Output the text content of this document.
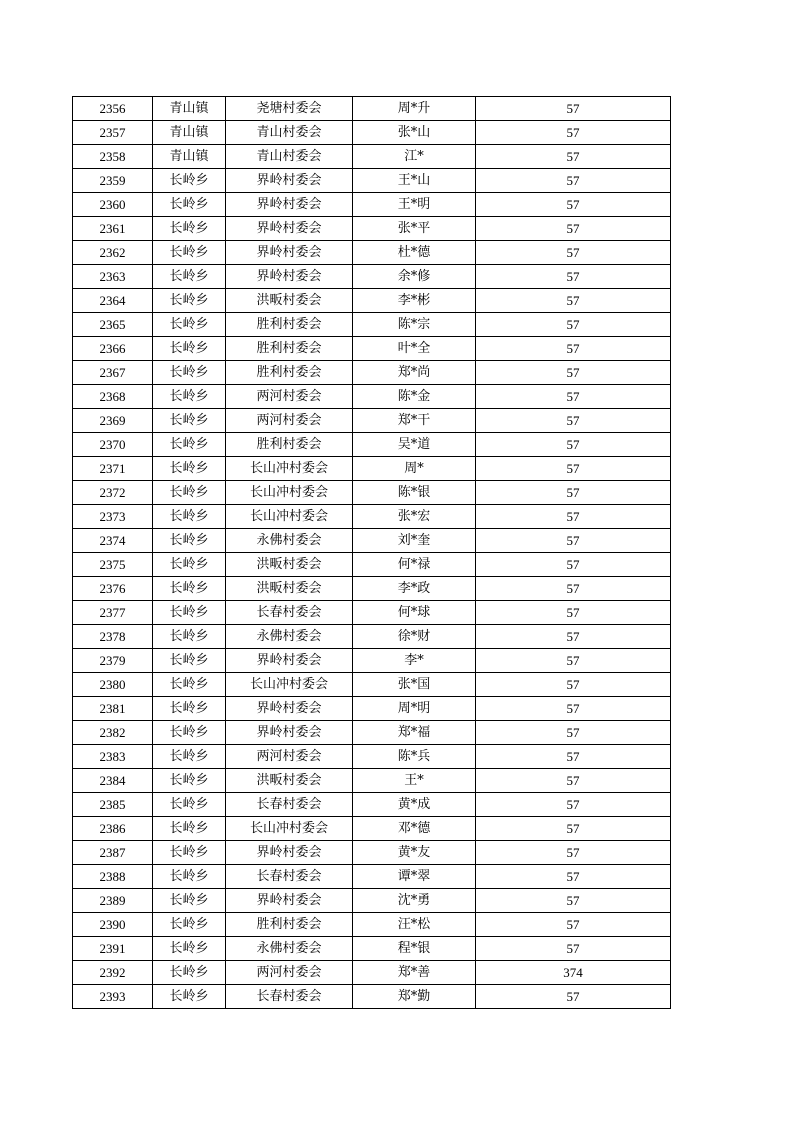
2356	青山镇	尧塘村委会	周*升	57
2357	青山镇	青山村委会	张*山	57
2358	青山镇	青山村委会	江*	57
2359	长岭乡	界岭村委会	王*山	57
2360	长岭乡	界岭村委会	王*明	57
2361	长岭乡	界岭村委会	张*平	57
2362	长岭乡	界岭村委会	杜*德	57
2363	长岭乡	界岭村委会	余*修	57
2364	长岭乡	洪畈村委会	李*彬	57
2365	长岭乡	胜利村委会	陈*宗	57
2366	长岭乡	胜利村委会	叶*全	57
2367	长岭乡	胜利村委会	郑*尚	57
2368	长岭乡	两河村委会	陈*金	57
2369	长岭乡	两河村委会	郑*干	57
2370	长岭乡	胜利村委会	吴*道	57
2371	长岭乡	长山冲村委会	周*	57
2372	长岭乡	长山冲村委会	陈*银	57
2373	长岭乡	长山冲村委会	张*宏	57
2374	长岭乡	永佛村委会	刘*奎	57
2375	长岭乡	洪畈村委会	何*禄	57
2376	长岭乡	洪畈村委会	李*政	57
2377	长岭乡	长春村委会	何*球	57
2378	长岭乡	永佛村委会	徐*财	57
2379	长岭乡	界岭村委会	李*	57
2380	长岭乡	长山冲村委会	张*国	57
2381	长岭乡	界岭村委会	周*明	57
2382	长岭乡	界岭村委会	郑*福	57
2383	长岭乡	两河村委会	陈*兵	57
2384	长岭乡	洪畈村委会	王*	57
2385	长岭乡	长春村委会	黄*成	57
2386	长岭乡	长山冲村委会	邓*德	57
2387	长岭乡	界岭村委会	黄*友	57
2388	长岭乡	长春村委会	谭*翠	57
2389	长岭乡	界岭村委会	沈*勇	57
2390	长岭乡	胜利村委会	汪*松	57
2391	长岭乡	永佛村委会	程*银	57
2392	长岭乡	两河村委会	郑*善	374
2393	长岭乡	长春村委会	郑*勤	57
